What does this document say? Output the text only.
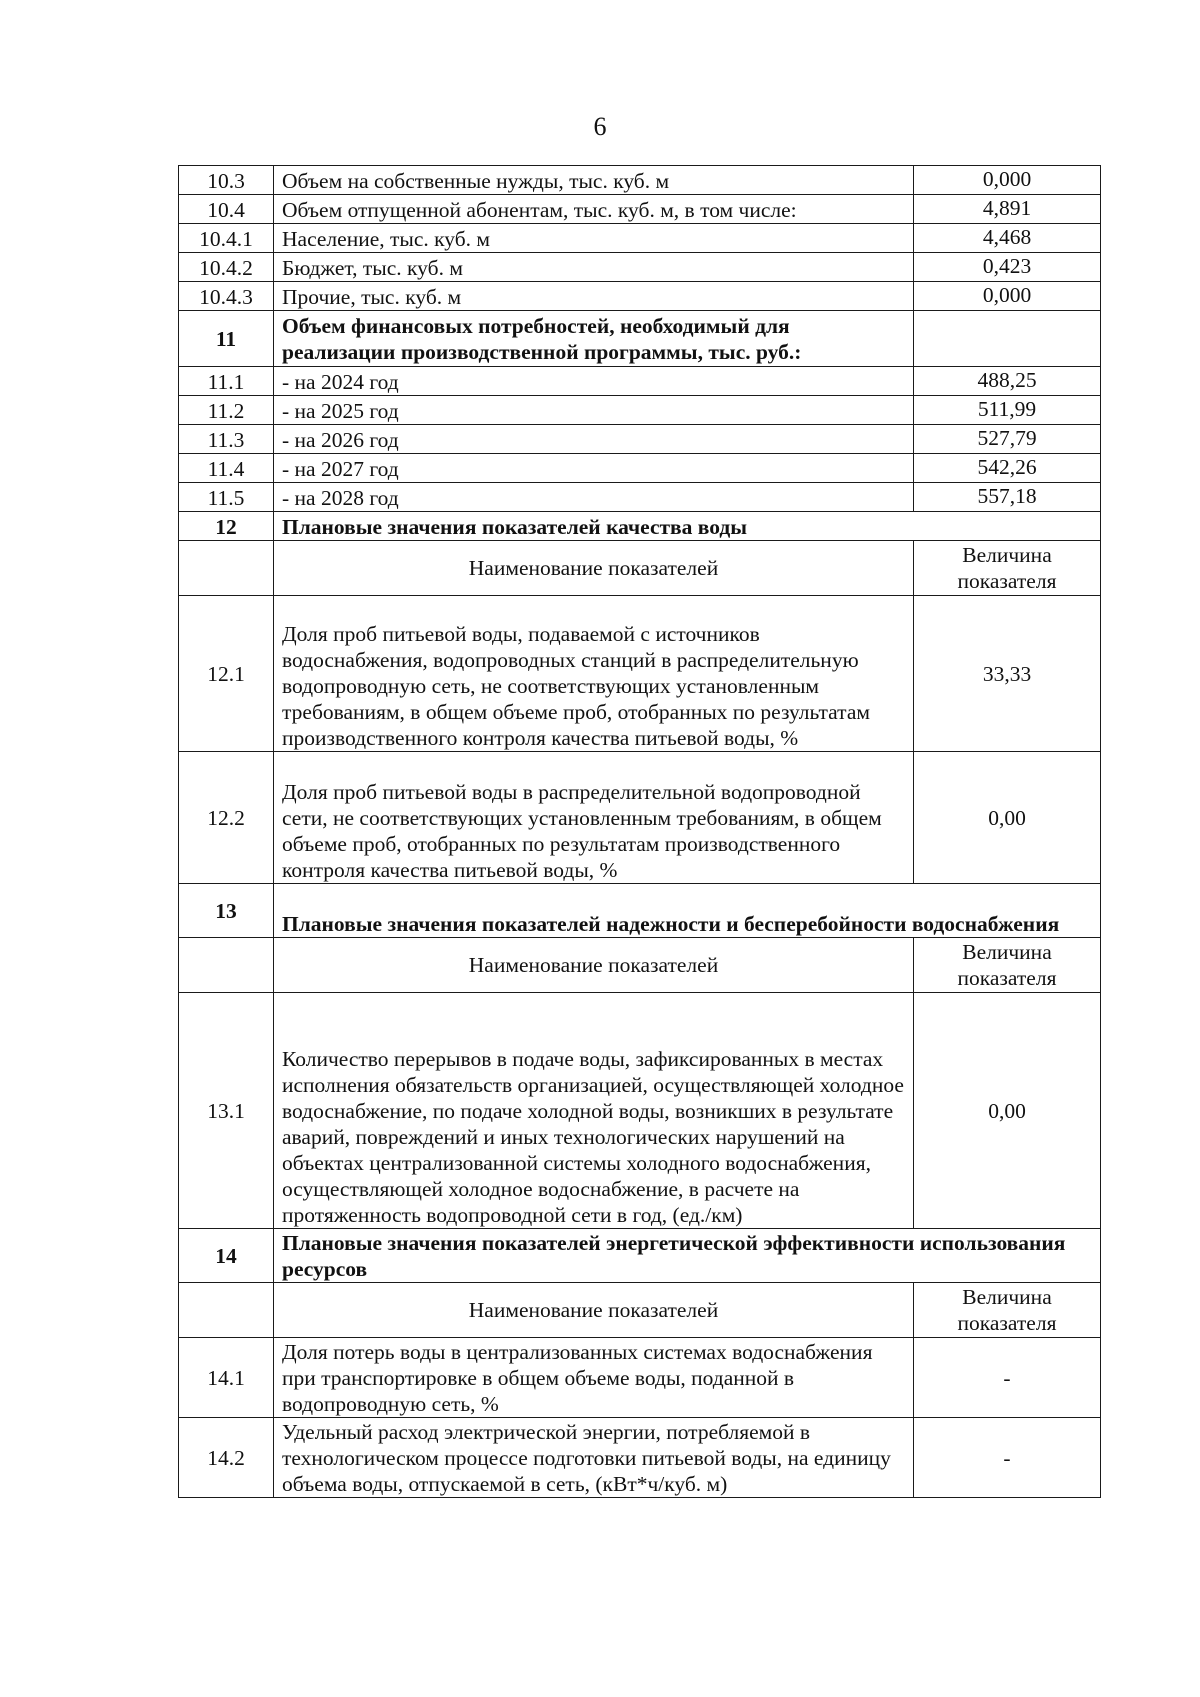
6
10.3	Объем на собственные нужды, тыс. куб. м	0,000
10.4	Объем отпущенной абонентам, тыс. куб. м, в том числе:	4,891
10.4.1	Население, тыс. куб. м	4,468
10.4.2	Бюджет, тыс. куб. м	0,423
10.4.3	Прочие, тыс. куб. м	0,000
11	Объем финансовых потребностей, необходимый для реализации производственной программы, тыс. руб.:	
11.1	- на 2024 год	488,25
11.2	- на 2025 год	511,99
11.3	- на 2026 год	527,79
11.4	- на 2027 год	542,26
11.5	- на 2028 год	557,18
12	Плановые значения показателей качества воды	
	Наименование показателей	Величина показателя
12.1	Доля проб питьевой воды, подаваемой с источников водоснабжения, водопроводных станций в распределительную водопроводную сеть, не соответствующих установленным требованиям, в общем объеме проб, отобранных по результатам производственного контроля качества питьевой воды, %	33,33
12.2	Доля проб питьевой воды в распределительной водопроводной сети, не соответствующих установленным требованиям, в общем объеме проб, отобранных по результатам производственного контроля качества питьевой воды, %	0,00
13	Плановые значения показателей надежности и бесперебойности водоснабжения	
	Наименование показателей	Величина показателя
13.1	Количество перерывов в подаче воды, зафиксированных в местах исполнения обязательств организацией, осуществляющей холодное водоснабжение, по подаче холодной воды, возникших в результате аварий, повреждений и иных технологических нарушений на объектах централизованной системы холодного водоснабжения, осуществляющей холодное водоснабжение, в расчете на протяженность водопроводной сети в год, (ед./км)	0,00
14	Плановые значения показателей энергетической эффективности использования ресурсов	
	Наименование показателей	Величина показателя
14.1	Доля потерь воды в централизованных системах водоснабжения при транспортировке в общем объеме воды, поданной в водопроводную сеть, %	-
14.2	Удельный расход электрической энергии, потребляемой в технологическом процессе подготовки питьевой воды, на единицу объема воды, отпускаемой в сеть, (кВт*ч/куб. м)	-
